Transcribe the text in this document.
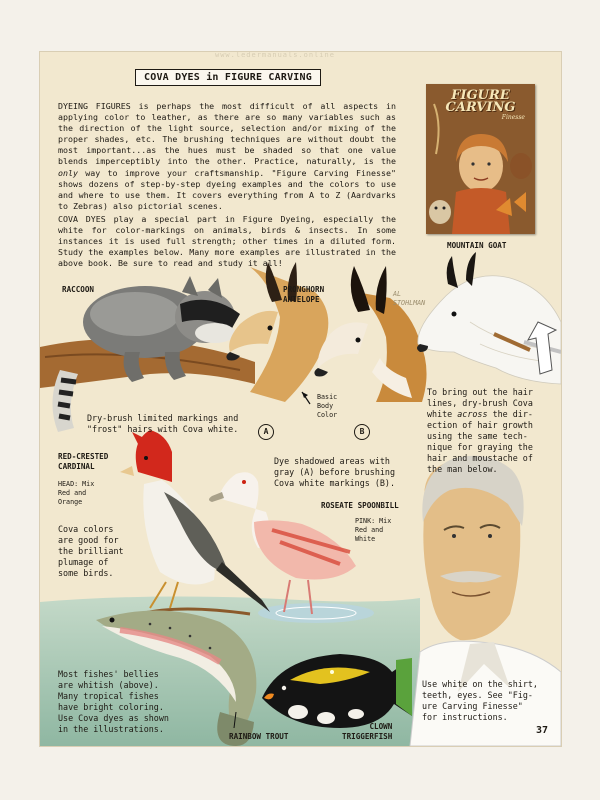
www.ledermanuals.online
COVA DYES in FIGURE CARVING
FIGURE
CARVING
Finesse
DYEING FIGURES is perhaps the most difficult of all aspects in applying color to leather, as there are so many variables such as the direction of the light source, selection and/or mixing of the proper shades, etc. The brushing techniques are without doubt the most important...as the hues must be shaded so that one value blends imperceptibly into the other. Practice, naturally, is the only way to improve your craftsmanship. "Figure Carving Finesse" shows dozens of step-by-step dyeing examples and the colors to use and where to use them. It covers everything from A to Z (Aardvarks to Zebras) also pictorial scenes.
COVA DYES play a special part in Figure Dyeing, especially the white for color-markings on animals, birds & insects. In some instances it is used full strength; other times in a diluted form. Study the examples below. Many more examples are illustrated in the above book. Be sure to read and study it all!
MOUNTAIN GOAT
RACCOON	PRONGHORN
ANTELOPE
AL
STOHLMAN
RED-CRESTED
CARDINAL
ROSEATE SPOONBILL
RAINBOW TROUT
CLOWN
TRIGGERFISH
To bring out the hair
lines, dry-brush Cova
white across the dir-
ection of hair growth
using the same tech-
nique for graying the
hair and moustache of
the man below.
Dry-brush limited markings and
"frost" hairs with Cova white.
Basic
Body
Color
A	B
Dye shadowed areas with
gray (A) before brushing
Cova white markings (B).
HEAD: Mix
Red and
Orange
PINK: Mix
Red and
White
Cova colors
are good for
the brilliant
plumage of
some birds.
Most fishes' bellies
are whitish (above).
Many tropical fishes
have bright coloring.
Use Cova dyes as shown
in the illustrations.
Use white on the shirt,
teeth, eyes. See "Fig-
ure Carving Finesse"
for instructions.
37
